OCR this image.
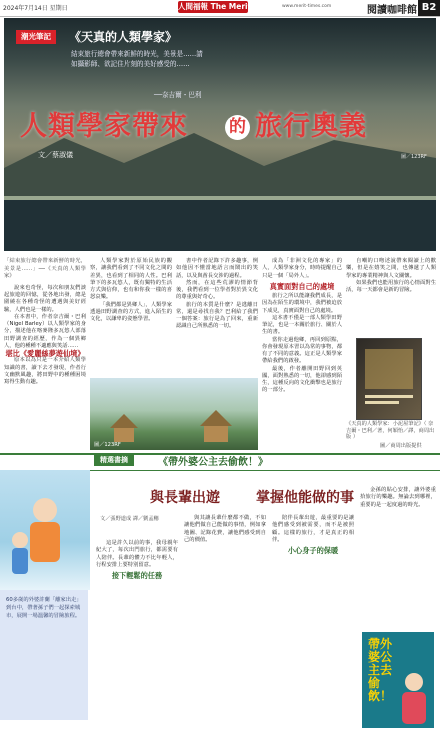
2024年7月14日 星期日	人間福報 The Merit Times www.merit-times.com	閱讀咖啡館 B2
潮光筆記	《天真的人類學家》
結束旅行總會帶來新鮮的時光，美景是……請如攝影師、欲記住片刻的美好感受的……
──奈吉爾・巴利
人類學家帶來 的 旅行奧義
文／蔡淑儀	圖／123RF
「結束旅行總會帶來新鮮的時光，美景是……」──《天真的人類學家》

說來也奇怪，每次和朋友們談起旅遊的回憶，從各地出發，總是圍繞在各種奇怪的遭遇與美好經驗，人們也是一樣的。

在本書中，作者奈吉爾・巴利（Nigel Barley）以人類學家的身分，描述他在喀麥隆多瓦悠人部落田野調查的經歷，作為一個異鄉人，他的種種不適應與笑話……

堪比《愛麗絲夢遊仙境》

原本以為只是一本介紹人類學知識的書，讀下去才發現，作者行文幽默風趣，將田野中的種種困境寫得生動有趣。

人類學家對於原始民族的觀察，讓我們看到了不同文化之間的差異，也看到了相同的人性。巴利筆下的多瓦悠人，既有獨特的生活方式與信仰，也有和你我一樣的喜怒哀樂。

「我們都是異鄉人」，人類學家透過田野調查的方式，進入陌生的文化，以謙卑的姿態學習。

書中作者記錄下許多趣事，例如他因不懂當地語言而鬧出的笑話，以及與酋長交涉的過程。

然而，在這些荒謬的情節背後，我們看到一位學者對於異文化的尊重與好奇心。

旅行的本質是什麼？是逃離日常，還是尋找自我？巴利給了我們一個答案：旅行是為了回來，重新認識自己所熟悉的一切。

圖／123RF

成為「非洲文化的專家」的人，人類學家身分，時時提醒自己只是一個「局外人」。

真實面對自己的處境

旅行之所以能讓我們成長，是因為在陌生的環境中，我們被迫放下成見，真實面對自己的處境。

這本書不僅是一部人類學田野筆記，也是一本關於旅行、關於人生的書。

當你走過他鄉，再回到原點，你會發現原本習以為常的事物，都有了不同的意義。這正是人類學家帶給我們的啟發。

最後，作者離開田野回到英國，面對熟悉的一切，他卻感到陌生，這種反向的文化衝擊也是旅行的一部分。

自嘲的口吻述說帶來閱讀上的歡樂，但是在嬉笑之間，也傳遞了人類學家的專業精神與人文關懷。

如果我們也能用旅行的心情面對生活，每一天都會是新的冒險。

《天真的人類學家：小泥屋筆記》（ 奈吉爾・巴利／著，何穎怡／譯，商周出版 ）
圖／商周出版提供
精選書摘	《帶外婆公主去偷飲！》
60多歲的外婆許蘭「離家出走」到台中，帶著孫子們一起探索城市，展開一場溫馨的冒險旅程。
與長輩出遊	掌握他能做的事
文／張野道成 譯／劉孟穗

這是許久以前的事，我母親年紀大了，每次出門旅行，都需要有人陪伴。長輩的體力不比年輕人，行程安排上要特別留意。

接下輕鬆的任務

與其讓長輩什麼都不做，不如讓他們做自己能做的事情，例如拿地圖、記錄花費，讓他們感受到自己的價值。

陪伴長輩出遊，最重要的是讓他們感受到被需要，而不是被照顧。這樣的旅行，才是真正的相伴。

小心身子的保暖

金孫的貼心安排，讓外婆重拾旅行的樂趣。無論去到哪裡，重要的是一起度過的時光。

帶外婆公主去偷飲！
